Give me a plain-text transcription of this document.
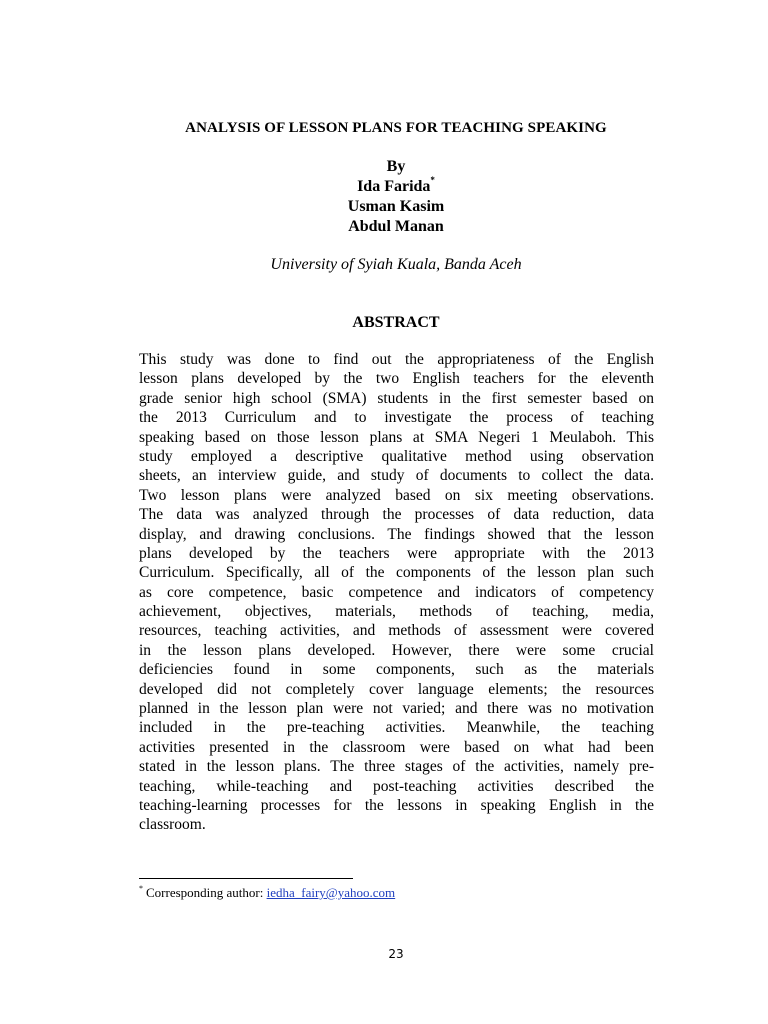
ANALYSIS OF LESSON PLANS FOR TEACHING SPEAKING
By
Ida Farida*
Usman Kasim
Abdul Manan
University of Syiah Kuala, Banda Aceh
ABSTRACT
This study was done to find out the appropriateness of the English
lesson plans developed by the two English teachers for the eleventh
grade senior high school (SMA) students in the first semester based on
the 2013 Curriculum and to investigate the process of teaching
speaking based on those lesson plans at SMA Negeri 1 Meulaboh. This
study employed a descriptive qualitative method using observation
sheets, an interview guide, and study of documents to collect the data.
Two lesson plans were analyzed based on six meeting observations.
The data was analyzed through the processes of data reduction, data
display, and drawing conclusions. The findings showed that the lesson
plans developed by the teachers were appropriate with the 2013
Curriculum. Specifically, all of the components of the lesson plan such
as core competence, basic competence and indicators of competency
achievement, objectives, materials, methods of teaching, media,
resources, teaching activities, and methods of assessment were covered
in the lesson plans developed. However, there were some crucial
deficiencies found in some components, such as the materials
developed did not completely cover language elements; the resources
planned in the lesson plan were not varied; and there was no motivation
included in the pre-teaching activities. Meanwhile, the teaching
activities presented in the classroom were based on what had been
stated in the lesson plans. The three stages of the activities, namely pre-
teaching, while-teaching and post-teaching activities described the
teaching-learning processes for the lessons in speaking English in the
classroom.
* Corresponding author: iedha_fairy@yahoo.com
23
